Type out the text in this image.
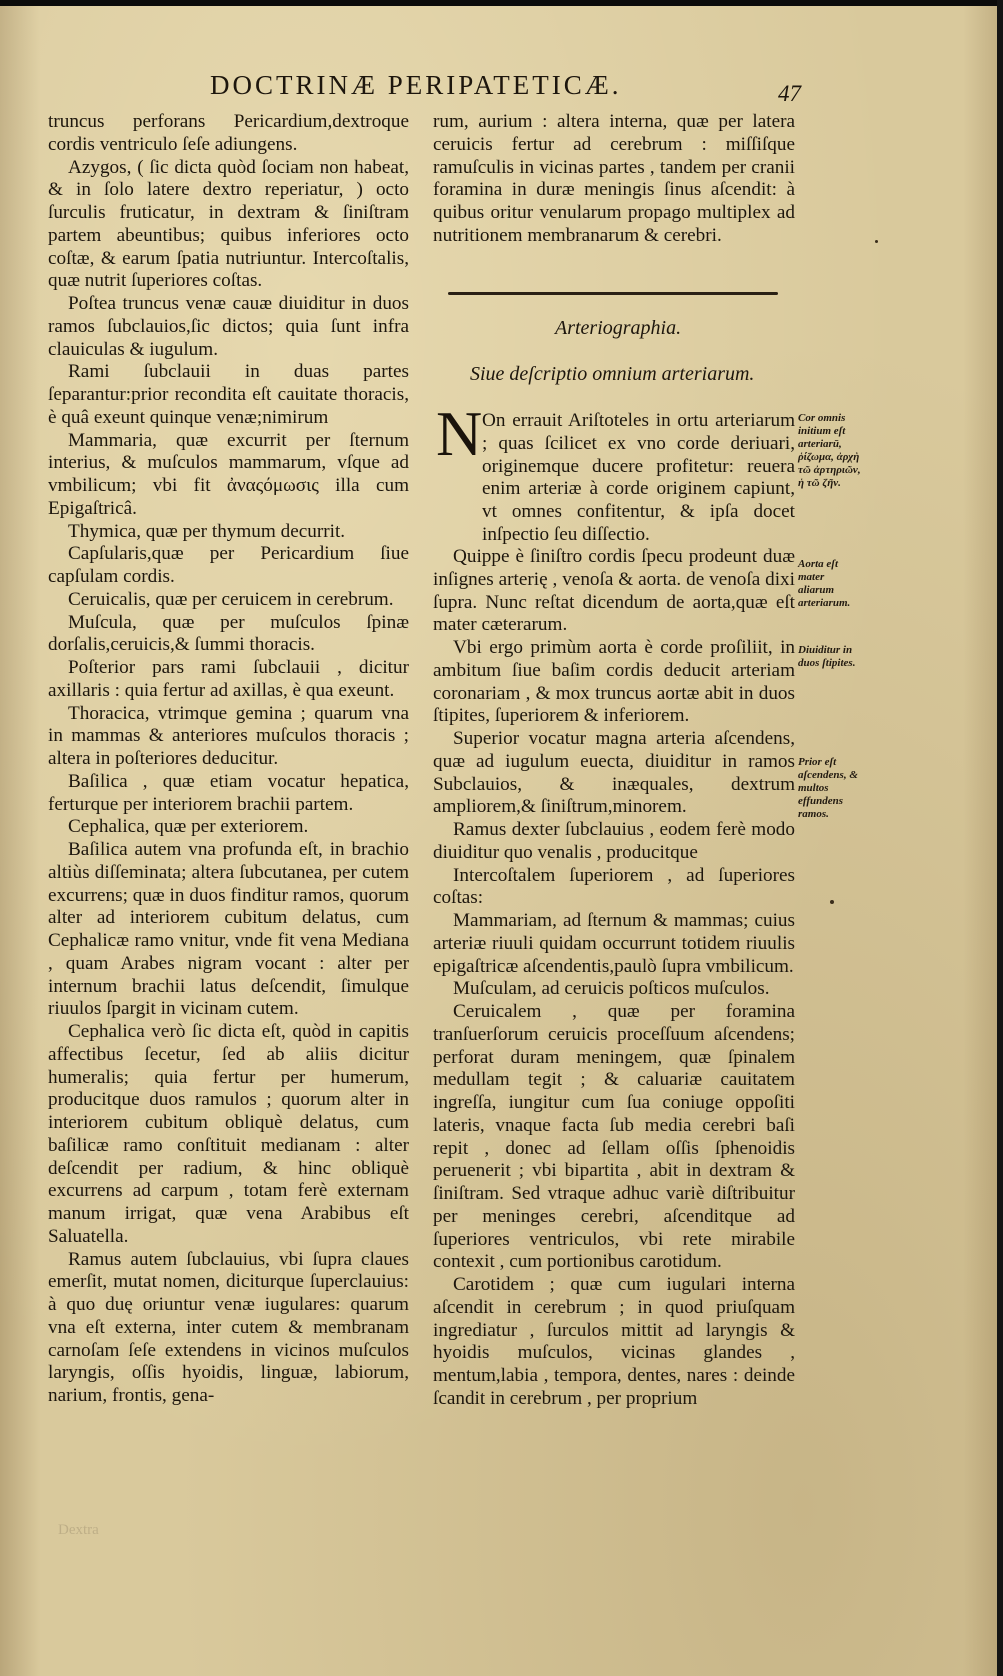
DOCTRINÆ PERIPATETICÆ.	47

truncus perforans Pericardium,dextroque cordis ventriculo ſeſe adiungens.

Azygos, ( ſic dicta quòd ſociam non habeat, & in ſolo latere dextro reperiatur, ) octo ſurculis fruticatur, in dextram & ſiniſtram partem abeuntibus; quibus inferiores octo coſtæ, & earum ſpatia nutriuntur. Intercoſtalis, quæ nutrit ſuperiores coſtas.

Poſtea truncus venæ cauæ diuiditur in duos ramos ſubclauios,ſic dictos; quia ſunt infra clauiculas & iugulum.

Rami ſubclauii in duas partes ſeparantur:prior recondita eſt cauitate thoracis, è quâ exeunt quinque venæ;nimirum

Mammaria, quæ excurrit per ſternum interius, & muſculos mammarum, vſque ad vmbilicum; vbi fit ἀναςόμωσις illa cum Epigaſtricâ.

Thymica, quæ per thymum decurrit.

Capſularis,quæ per Pericardium ſiue capſulam cordis.

Ceruicalis, quæ per ceruicem in cerebrum.

Muſcula, quæ per muſculos ſpinæ dorſalis,ceruicis,& ſummi thoracis.

Poſterior pars rami ſubclauii , dicitur axillaris : quia fertur ad axillas, è qua exeunt.

Thoracica, vtrimque gemina ; quarum vna in mammas & anteriores muſculos thoracis ; altera in poſteriores deducitur.

Baſilica , quæ etiam vocatur hepatica, ferturque per interiorem brachii partem.

Cephalica, quæ per exteriorem.

Baſilica autem vna profunda eſt, in brachio altiùs diſſeminata; altera ſubcutanea, per cutem excurrens; quæ in duos finditur ramos, quorum alter ad interiorem cubitum delatus, cum Cephalicæ ramo vnitur, vnde fit vena Mediana , quam Arabes nigram vocant : alter per internum brachii latus deſcendit, ſimulque riuulos ſpargit in vicinam cutem.

Cephalica verò ſic dicta eſt, quòd in capitis affectibus ſecetur, ſed ab aliis dicitur humeralis; quia fertur per humerum, producitque duos ramulos ; quorum alter in interiorem cubitum obliquè delatus, cum baſilicæ ramo conſtituit medianam : alter deſcendit per radium, & hinc obliquè excurrens ad carpum , totam ferè externam manum irrigat, quæ vena Arabibus eſt Saluatella.

Ramus autem ſubclauius, vbi ſupra claues emerſit, mutat nomen, diciturque ſuperclauius: à quo duę oriuntur venæ iugulares: quarum vna eſt externa, inter cutem & membranam carnoſam ſeſe extendens in vicinos muſculos laryngis, oſſis hyoidis, linguæ, labiorum, narium, frontis, gena-

rum, aurium : altera interna, quæ per latera ceruicis fertur ad cerebrum : miſſiſque ramuſculis in vicinas partes , tandem per cranii foramina in duræ meningis ſinus aſcendit: à quibus oritur venularum propago multiplex ad nutritionem membranarum & cerebri.

Arteriographia.
Siue deſcriptio omnium arteriarum.
N On errauit Ariſtoteles in ortu arteriarum ; quas ſcilicet ex vno corde deriuari, originemque ducere profitetur: reuera enim arteriæ à corde originem capiunt, vt omnes confitentur, & ipſa docet inſpectio ſeu diſſectio.

Quippe è ſiniſtro cordis ſpecu prodeunt duæ inſignes arterię , venoſa & aorta. de venoſa dixi ſupra. Nunc reſtat dicendum de aorta,quæ eſt mater cæterarum.

Vbi ergo primùm aorta è corde proſiliit, in ambitum ſiue baſim cordis deducit arteriam coronariam , & mox truncus aortæ abit in duos ſtipites, ſuperiorem & inferiorem.

Superior vocatur magna arteria aſcendens, quæ ad iugulum euecta, diuiditur in ramos Subclauios, & inæquales, dextrum ampliorem,& ſiniſtrum,minorem.

Ramus dexter ſubclauius , eodem ferè modo diuiditur quo venalis , producitque

Intercoſtalem ſuperiorem , ad ſuperiores coſtas:

Mammariam, ad ſternum & mammas; cuius arteriæ riuuli quidam occurrunt totidem riuulis epigaſtricæ aſcendentis,paulò ſupra vmbilicum.

Muſculam, ad ceruicis poſticos muſculos.

Ceruicalem , quæ per foramina tranſuerſorum ceruicis proceſſuum aſcendens; perforat duram meningem, quæ ſpinalem medullam tegit ; & caluariæ cauitatem ingreſſa, iungitur cum ſua coniuge oppoſiti lateris, vnaque facta ſub media cerebri baſi repit , donec ad ſellam oſſis ſphenoidis peruenerit ; vbi bipartita , abit in dextram & ſiniſtram. Sed vtraque adhuc variè diſtribuitur per meninges cerebri, aſcenditque ad ſuperiores ventriculos, vbi rete mirabile contexit , cum portionibus carotidum.

Carotidem ; quæ cum iugulari interna aſcendit in cerebrum ; in quod priuſquam ingrediatur , ſurculos mittit ad laryngis & hyoidis muſculos, vicinas glandes , mentum,labia , tempora, dentes, nares : deinde ſcandit in cerebrum , per proprium

Cor omnis initium eſt arteriarū, ῥίζωμα, ἀρχὴ τῶ ἀρτηριῶν, ἡ τῶ ζῆν.
Aorta eſt mater aliarum arteriarum.
Diuiditur in duos ſtipites.
Prior eſt aſcendens, & multos effundens ramos.
Dextra
